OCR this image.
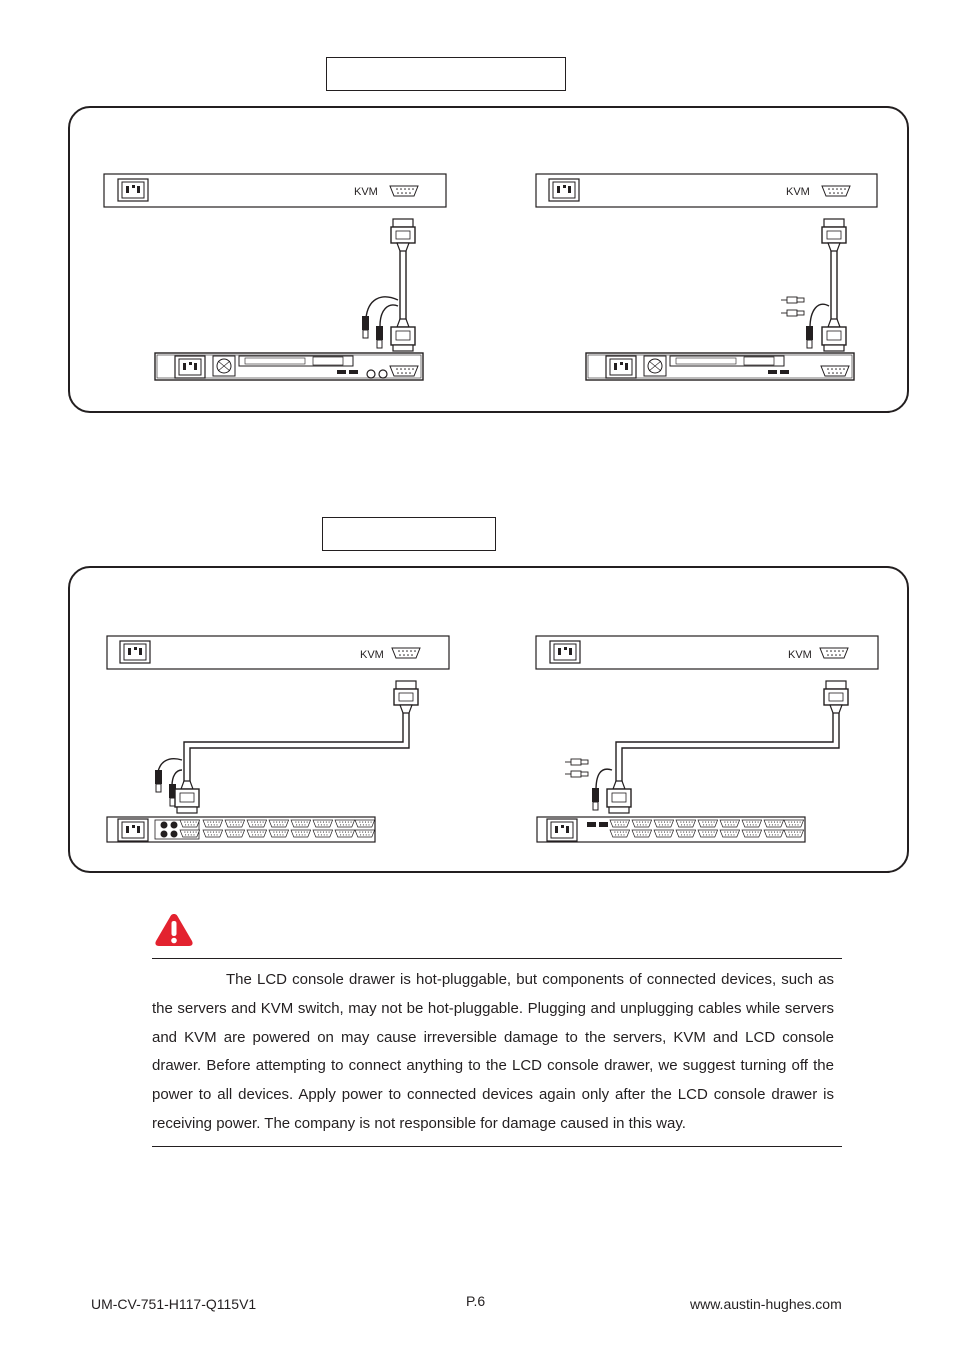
KVM	KVM
KVM	KVM
The LCD console drawer is hot-pluggable, but components of connected devices, such as the servers and KVM switch, may not be hot-pluggable. Plugging and unplugging cables while servers and KVM are powered on may cause irreversible damage to the servers, KVM and LCD console drawer. Before attempting to connect anything to the LCD console drawer, we suggest turning off the power to all devices. Apply power to connected devices again only after the LCD console drawer is receiving power. The company is not responsible for damage caused in this way.
UM-CV-751-H117-Q115V1	P.6	www.austin-hughes.com
